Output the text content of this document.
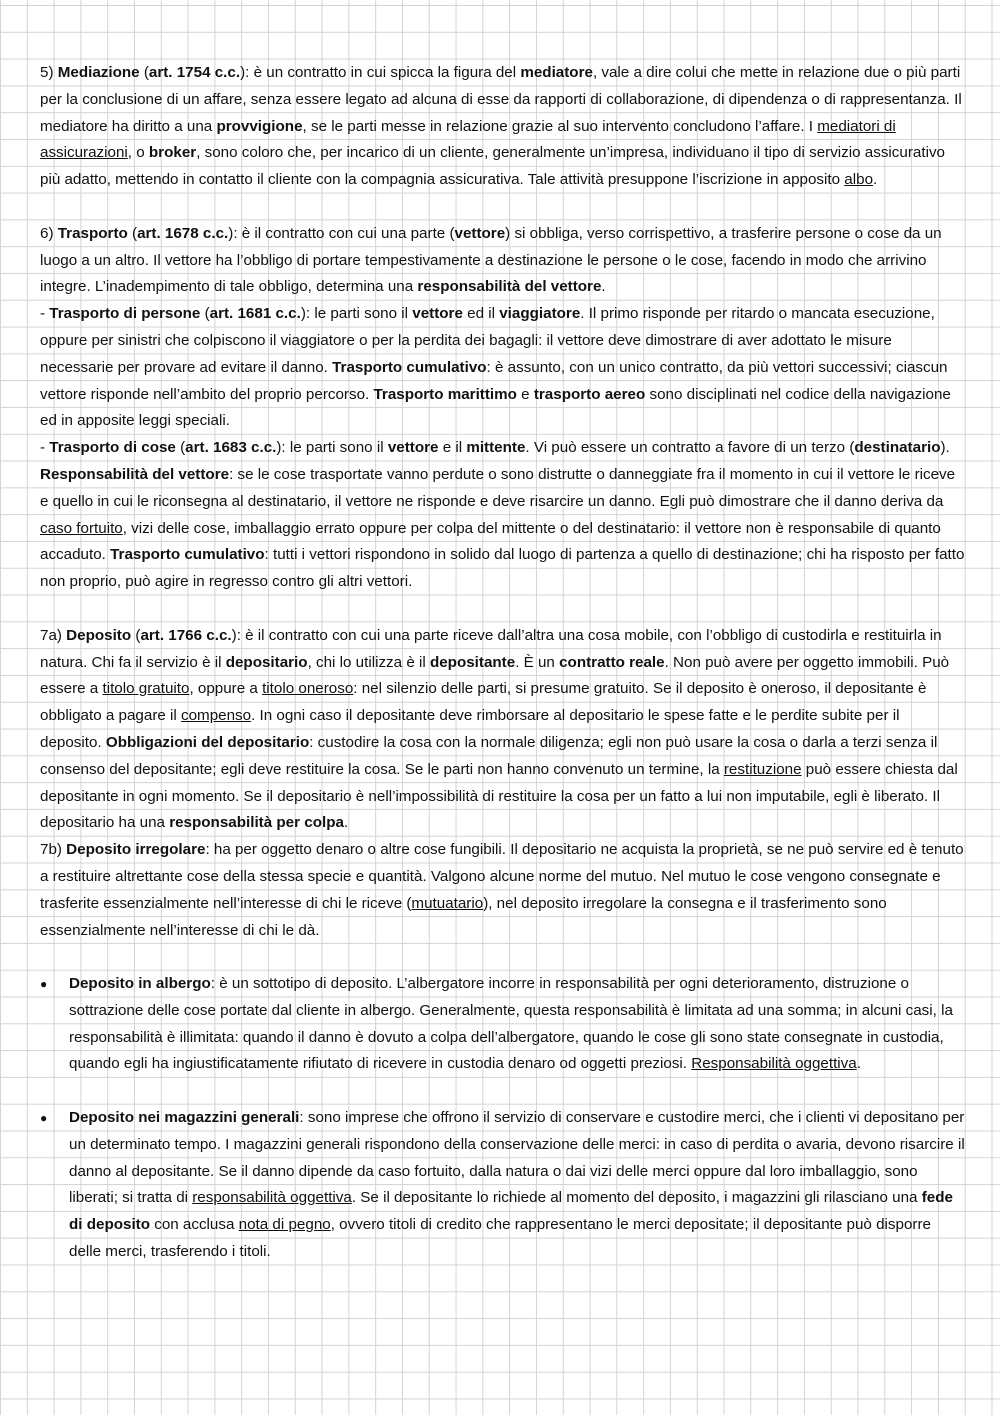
5) Mediazione (art. 1754 c.c.): è un contratto in cui spicca la figura del mediatore, vale a dire colui che mette in relazione due o più parti per la conclusione di un affare, senza essere legato ad alcuna di esse da rapporti di collaborazione, di dipendenza o di rappresentanza. Il mediatore ha diritto a una provvigione, se le parti messe in relazione grazie al suo intervento concludono l’affare. I mediatori di assicurazioni, o broker, sono coloro che, per incarico di un cliente, generalmente un’impresa, individuano il tipo di servizio assicurativo più adatto, mettendo in contatto il cliente con la compagnia assicurativa. Tale attività presuppone l’iscrizione in apposito albo.

6) Trasporto (art. 1678 c.c.): è il contratto con cui una parte (vettore) si obbliga, verso corrispettivo, a trasferire persone o cose da un luogo a un altro. Il vettore ha l’obbligo di portare tempestivamente a destinazione le persone o le cose, facendo in modo che arrivino integre. L’inadempimento di tale obbligo, determina una responsabilità del vettore.

- Trasporto di persone (art. 1681 c.c.): le parti sono il vettore ed il viaggiatore. Il primo risponde per ritardo o mancata esecuzione, oppure per sinistri che colpiscono il viaggiatore o per la perdita dei bagagli: il vettore deve dimostrare di aver adottato le misure necessarie per provare ad evitare il danno. Trasporto cumulativo: è assunto, con un unico contratto, da più vettori successivi; ciascun vettore risponde nell’ambito del proprio percorso. Trasporto marittimo e trasporto aereo sono disciplinati nel codice della navigazione ed in apposite leggi speciali.

- Trasporto di cose (art. 1683 c.c.): le parti sono il vettore e il mittente. Vi può essere un contratto a favore di un terzo (destinatario). Responsabilità del vettore: se le cose trasportate vanno perdute o sono distrutte o danneggiate fra il momento in cui il vettore le riceve e quello in cui le riconsegna al destinatario, il vettore ne risponde e deve risarcire un danno. Egli può dimostrare che il danno deriva da caso fortuito, vizi delle cose, imballaggio errato oppure per colpa del mittente o del destinatario: il vettore non è responsabile di quanto accaduto. Trasporto cumulativo: tutti i vettori rispondono in solido dal luogo di partenza a quello di destinazione; chi ha risposto per fatto non proprio, può agire in regresso contro gli altri vettori.

7a) Deposito (art. 1766 c.c.): è il contratto con cui una parte riceve dall’altra una cosa mobile, con l’obbligo di custodirla e restituirla in natura. Chi fa il servizio è il depositario, chi lo utilizza è il depositante. È un contratto reale. Non può avere per oggetto immobili. Può essere a titolo gratuito, oppure a titolo oneroso: nel silenzio delle parti, si presume gratuito. Se il deposito è oneroso, il depositante è obbligato a pagare il compenso. In ogni caso il depositante deve rimborsare al depositario le spese fatte e le perdite subite per il deposito. Obbligazioni del depositario: custodire la cosa con la normale diligenza; egli non può usare la cosa o darla a terzi senza il consenso del depositante; egli deve restituire la cosa. Se le parti non hanno convenuto un termine, la restituzione può essere chiesta dal depositante in ogni momento. Se il depositario è nell’impossibilità di restituire la cosa per un fatto a lui non imputabile, egli è liberato. Il depositario ha una responsabilità per colpa.

7b) Deposito irregolare: ha per oggetto denaro o altre cose fungibili. Il depositario ne acquista la proprietà, se ne può servire ed è tenuto a restituire altrettante cose della stessa specie e quantità. Valgono alcune norme del mutuo. Nel mutuo le cose vengono consegnate e trasferite essenzialmente nell’interesse di chi le riceve (mutuatario), nel deposito irregolare la consegna e il trasferimento sono essenzialmente nell’interesse di chi le dà.

● Deposito in albergo: è un sottotipo di deposito. L’albergatore incorre in responsabilità per ogni deterioramento, distruzione o sottrazione delle cose portate dal cliente in albergo. Generalmente, questa responsabilità è limitata ad una somma; in alcuni casi, la responsabilità è illimitata: quando il danno è dovuto a colpa dell’albergatore, quando le cose gli sono state consegnate in custodia, quando egli ha ingiustificatamente rifiutato di ricevere in custodia denaro od oggetti preziosi. Responsabilità oggettiva.
● Deposito nei magazzini generali: sono imprese che offrono il servizio di conservare e custodire merci, che i clienti vi depositano per un determinato tempo. I magazzini generali rispondono della conservazione delle merci: in caso di perdita o avaria, devono risarcire il danno al depositante. Se il danno dipende da caso fortuito, dalla natura o dai vizi delle merci oppure dal loro imballaggio, sono liberati; si tratta di responsabilità oggettiva. Se il depositante lo richiede al momento del deposito, i magazzini gli rilasciano una fede di deposito con acclusa nota di pegno, ovvero titoli di credito che rappresentano le merci depositate; il depositante può disporre delle merci, trasferendo i titoli.
